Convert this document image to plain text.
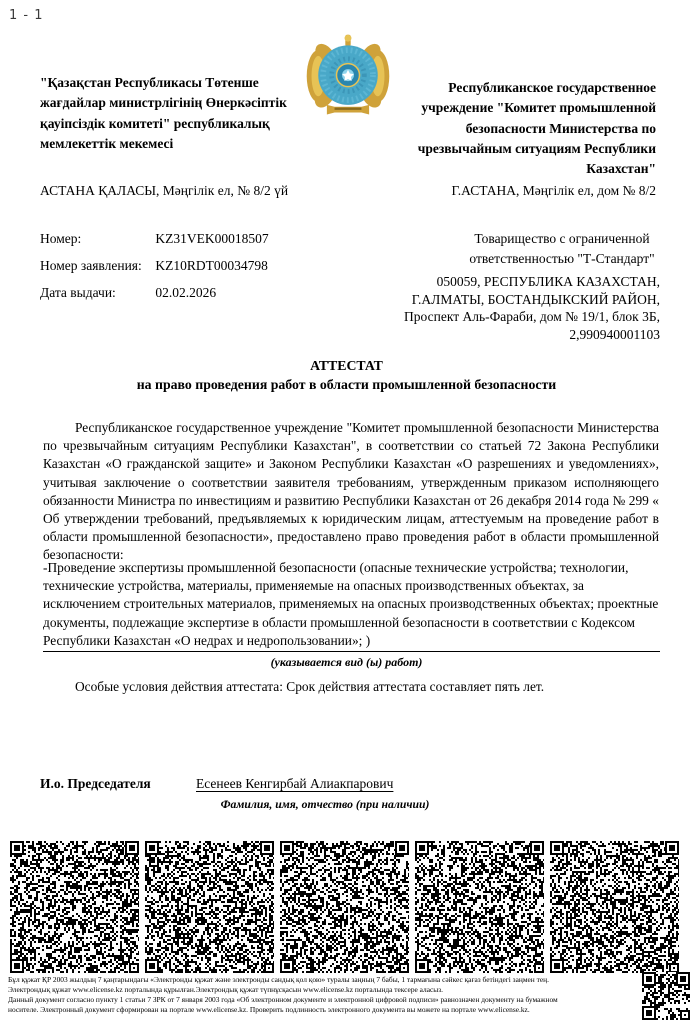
1 - 1
"Қазақстан Республикасы Төтенше жағдайлар министрлігінің Өнеркәсіптік қауіпсіздік комитеті" республикалық мемлекеттік мекемесі
Республиканское государственное учреждение "Комитет промышленной безопасности Министерства по чрезвычайным ситуациям Республики Казахстан"
АСТАНА ҚАЛАСЫ, Мәңгілік ел, № 8/2 үй	Г.АСТАНА, Мәңгілік ел, дом № 8/2
Номер:	KZ31VEK00018507
Номер заявления: KZ10RDT00034798
Дата выдачи:	02.02.2026
Товарищество с ограниченной ответственностью "Т-Стандарт"
050059, РЕСПУБЛИКА КАЗАХСТАН,
Г.АЛМАТЫ, БОСТАНДЫКСКИЙ РАЙОН,
Проспект Аль-Фараби, дом № 19/1, блок 3Б,
2,990940001103
АТТЕСТАТ
на право проведения работ в области промышленной безопасности
Республиканское государственное учреждение "Комитет промышленной безопасности Министерства по чрезвычайным ситуациям Республики Казахстан", в соответствии со статьей 72 Закона Республики Казахстан «О гражданской защите» и Законом Республики Казахстан «О разрешениях и уведомлениях», учитывая заключение о соответствии заявителя требованиям, утвержденным приказом исполняющего обязанности Министра по инвестициям и развитию Республики Казахстан от 26 декабря 2014 года № 299 « Об утверждении требований, предъявляемых к юридическим лицам, аттестуемым на проведение работ в области промышленной безопасности», предоставлено право проведения работ в области промышленной безопасности:
-Проведение экспертизы промышленной безопасности (опасные технические устройства; технологии, технические устройства, материалы, применяемые на опасных производственных объектах, за исключением строительных материалов, применяемых на опасных производственных объектах; проектные документы, подлежащие экспертизе в области промышленной безопасности в соответствии с Кодексом Республики Казахстан «О недрах и недропользовании»; )
(указывается вид (ы) работ)
Особые условия действия аттестата: Срок действия аттестата составляет пять лет.
И.о. Председателя	Есенеев Кенгирбай Алиакпарович
Фамилия, имя, отчество (при наличии)
Бұл құжат ҚР 2003 жылдың 7 қаңтарындағы «Электронды құжат және электронды сандық қол қою» туралы заңның 7 бабы, 1 тармағына сәйкес қағаз бетіндегі заңмен тең.
Электрондық құжат www.elicense.kz порталында құрылған.Электрондық құжат түпнұсқасын www.elicense.kz порталында тексере аласыз.
Данный документ согласно пункту 1 статьи 7 ЗРК от 7 января 2003 года «Об электронном документе и электронной цифровой подписи» равнозначен документу на бумажном
носителе. Электронный документ сформирован на портале www.elicense.kz. Проверить подлинность электронного документа вы можете на портале www.elicense.kz.
